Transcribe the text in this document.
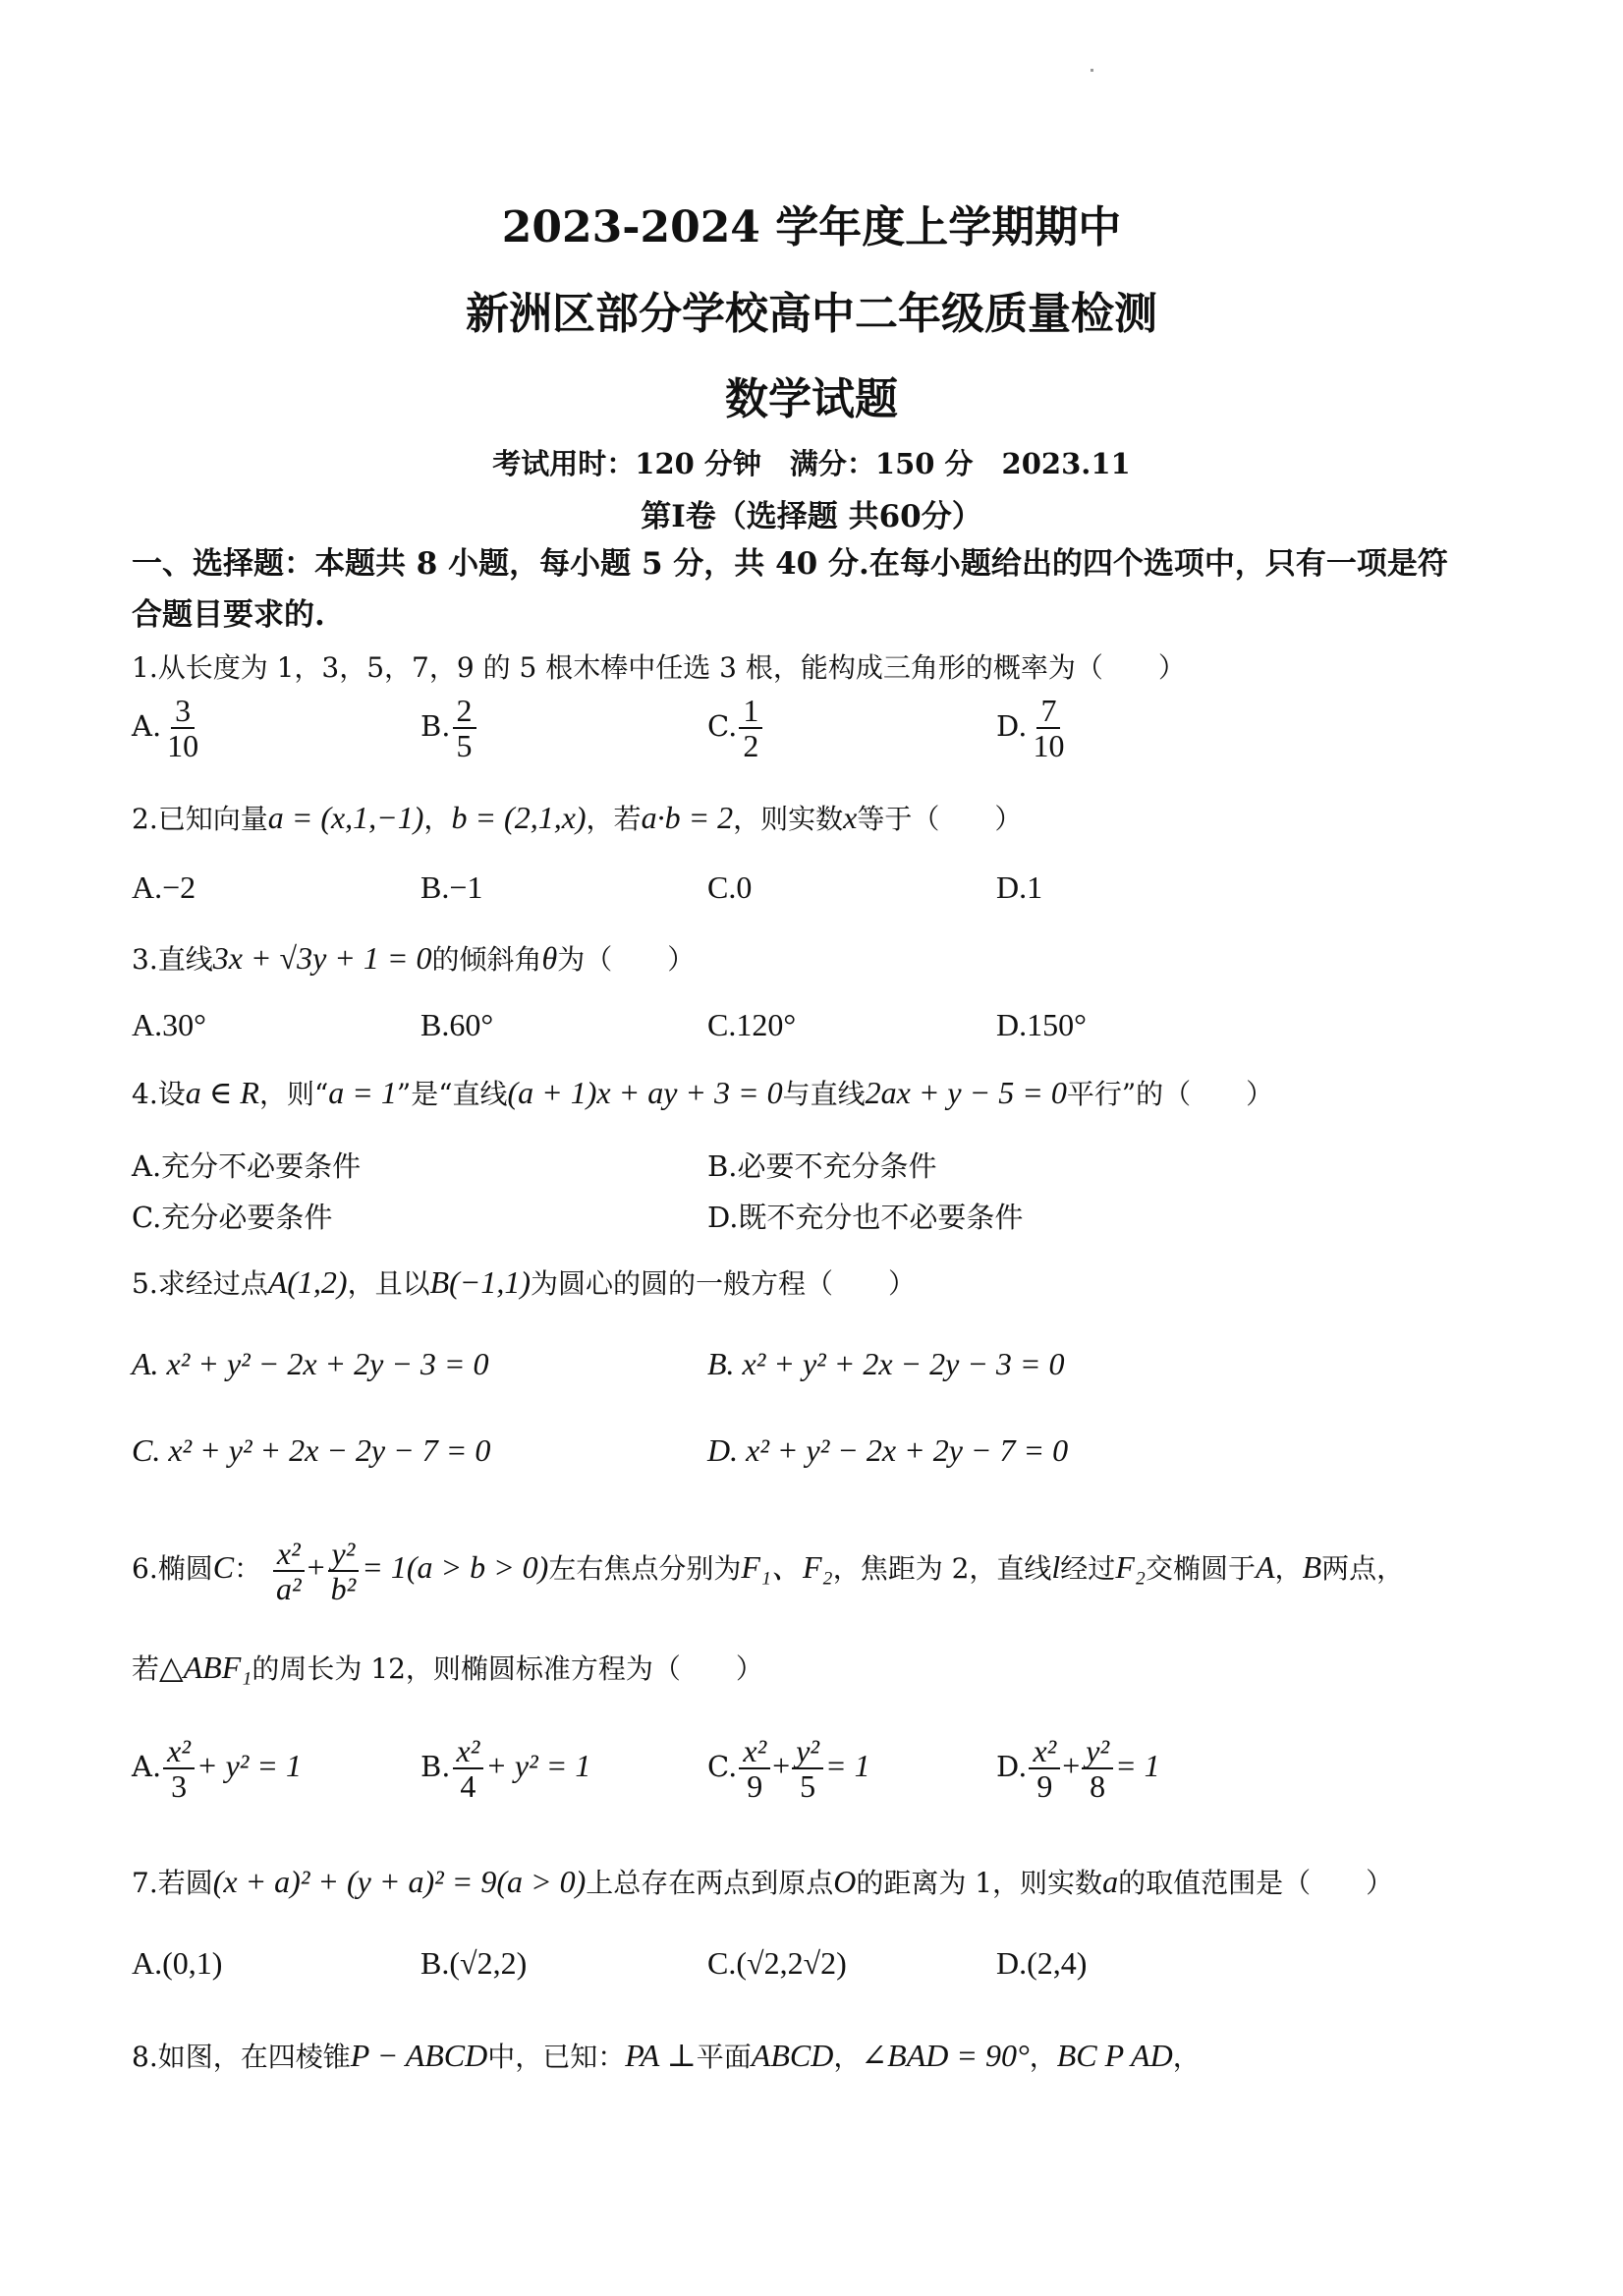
2023-2024 学年度上学期期中
新洲区部分学校高中二年级质量检测
数学试题
考试用时：120 分钟　满分：150 分　2023.11
第Ⅰ卷（选择题 共60分）
一、选择题：本题共 8 小题，每小题 5 分，共 40 分.在每小题给出的四个选项中，只有一项是符
合题目要求的.
1.从长度为 1，3，5，7，9 的 5 根木棒中任选 3 根，能构成三角形的概率为（　　）
A. $\frac{3}{10}$	B. $\frac{2}{5}$	C. $\frac{1}{2}$	D. $\frac{7}{10}$
2.已知向量a = (x,1,−1)，b = (2,1,x)，若a·b = 2，则实数x等于（　　）
A.−2	B.−1	C.0	D.1
3.直线3x + √3y + 1 = 0的倾斜角θ为（　　）
A.30°	B.60°	C.120°	D.150°
4.设a ∈ R，则“a = 1”是“直线(a + 1)x + ay + 3 = 0与直线2ax + y − 5 = 0平行”的（　　）
A.充分不必要条件	B.必要不充分条件
C.充分必要条件	D.既不充分也不必要条件
5.求经过点A(1,2)，且以B(−1,1)为圆心的圆的一般方程（　　）
A. x² + y² − 2x + 2y − 3 = 0	B. x² + y² + 2x − 2y − 3 = 0
C. x² + y² + 2x − 2y − 7 = 0	D. x² + y² − 2x + 2y − 7 = 0
6.椭圆C： $\frac{\text{x²}}{\text{a²}} + \frac{\text{y²}}{\text{b²}} = 1(a > b > 0)$左右焦点分别为F₁、F₂，焦距为 2，直线l经过F₂交椭圆于A，B两点，
若△ABF₁的周长为 12，则椭圆标准方程为（　　）
A. $\frac{\text{x²}}{3} + y^2 = 1$	B. $\frac{\text{x²}}{4} + y^2 = 1$	C. $\frac{\text{x²}}{9} + \frac{\text{y²}}{5} = 1$	D. $\frac{\text{x²}}{9} + \frac{\text{y²}}{8} = 1$
7.若圆(x + a)² + (y + a)² = 9(a > 0)上总存在两点到原点O的距离为 1，则实数a的取值范围是（　　）
A.(0,1)	B.(√2,2)	C.(√2,2√2)	D.(2,4)
8.如图，在四棱锥P − ABCD中，已知：PA ⊥平面ABCD，∠BAD = 90°，BC P AD，
